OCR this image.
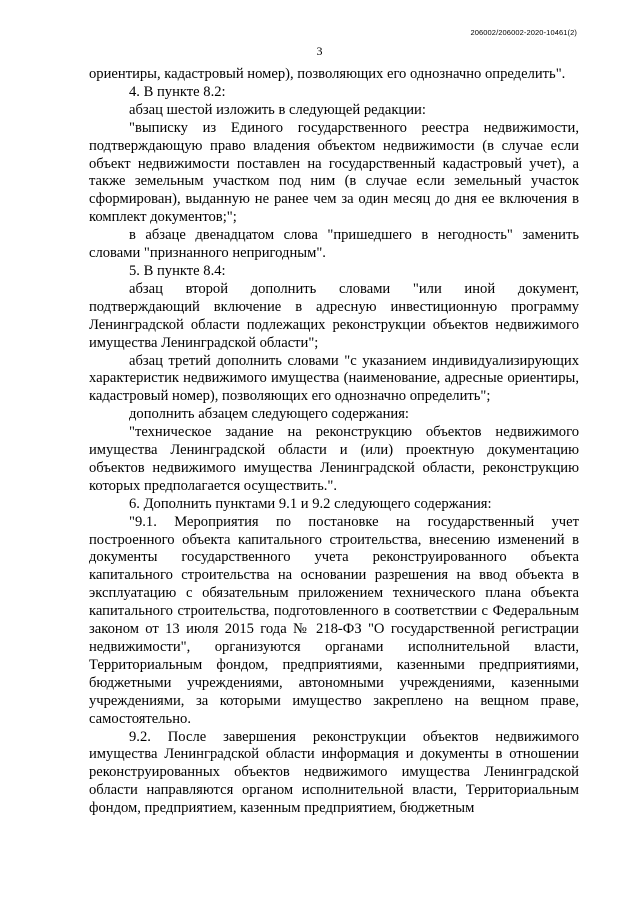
206002/206002-2020-10461(2)
3

ориентиры, кадастровый номер), позволяющих его однозначно определить".

4. В пункте 8.2:

абзац шестой изложить в следующей редакции:

"выписку из Единого государственного реестра недвижимости, подтверждающую право владения объектом недвижимости (в случае если объект недвижимости поставлен на государственный кадастровый учет), а также земельным участком под ним (в случае если земельный участок сформирован), выданную не ранее чем за один месяц до дня ее включения в комплект документов;";

в абзаце двенадцатом слова "пришедшего в негодность" заменить словами "признанного непригодным".

5. В пункте 8.4:

абзац второй дополнить словами "или иной документ, подтверждающий включение в адресную инвестиционную программу Ленинградской области подлежащих реконструкции объектов недвижимого имущества Ленинградской области";

абзац третий дополнить словами "с указанием индивидуализирующих характеристик недвижимого имущества (наименование, адресные ориентиры, кадастровый номер), позволяющих его однозначно определить";

дополнить абзацем следующего содержания:

"техническое задание на реконструкцию объектов недвижимого имущества Ленинградской области и (или) проектную документацию объектов недвижимого имущества Ленинградской области, реконструкцию которых предполагается осуществить.".

6. Дополнить пунктами 9.1 и 9.2 следующего содержания:

"9.1. Мероприятия по постановке на государственный учет построенного объекта капитального строительства, внесению изменений в документы государственного учета реконструированного объекта капитального строительства на основании разрешения на ввод объекта в эксплуатацию с обязательным приложением технического плана объекта капитального строительства, подготовленного в соответствии с Федеральным законом от 13 июля 2015 года № 218-ФЗ "О государственной регистрации недвижимости", организуются органами исполнительной власти, Территориальным фондом, предприятиями, казенными предприятиями, бюджетными учреждениями, автономными учреждениями, казенными учреждениями, за которыми имущество закреплено на вещном праве, самостоятельно.

9.2. После завершения реконструкции объектов недвижимого имущества Ленинградской области информация и документы в отношении реконструированных объектов недвижимого имущества Ленинградской области направляются органом исполнительной власти, Территориальным фондом, предприятием, казенным предприятием, бюджетным
